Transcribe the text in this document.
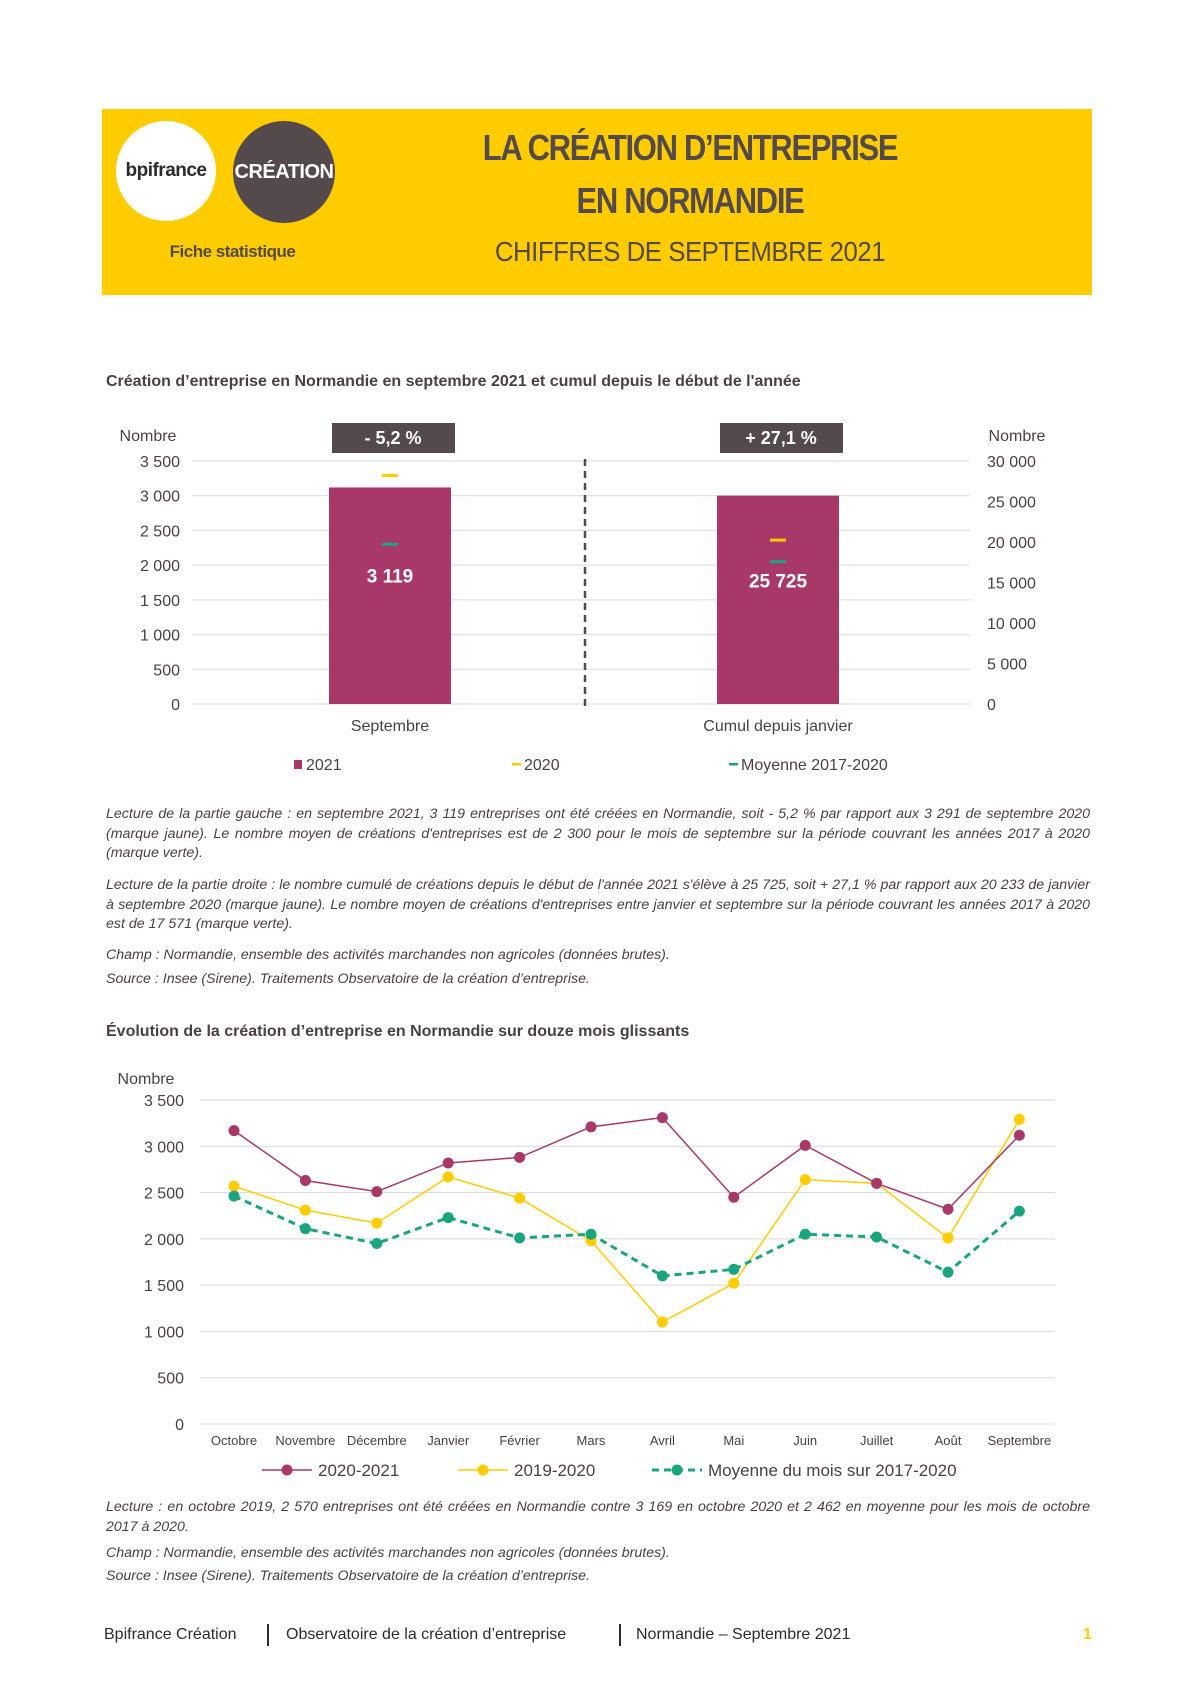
bpifrance CRÉATION
Fiche statistique
LA CRÉATION D’ENTREPRISE
EN NORMANDIE
CHIFFRES DE SEPTEMBRE 2021
Création d’entreprise en Normandie en septembre 2021 et cumul depuis le début de l'année
0
500
1 000
1 500
2 000
2 500
3 000
3 500
0
5 000
10 000
15 000
20 000
25 000
30 000
Nombre	Nombre
3 119
- 5,2 %
Septembre
25 725
+ 27,1 %
Cumul depuis janvier
2021	2020	Moyenne 2017-2020
Lecture de la partie gauche : en septembre 2021, 3 119 entreprises ont été créées en Normandie, soit - 5,2 % par rapport aux 3 291 de septembre 2020 (marque jaune). Le nombre moyen de créations d'entreprises est de 2 300 pour le mois de septembre sur la période couvrant les années 2017 à 2020 (marque verte).
Lecture de la partie droite : le nombre cumulé de créations depuis le début de l'année 2021 s'élève à 25 725, soit + 27,1 % par rapport aux 20 233 de janvier à septembre 2020 (marque jaune). Le nombre moyen de créations d'entreprises entre janvier et septembre sur la période couvrant les années 2017 à 2020 est de 17 571 (marque verte).
Champ : Normandie, ensemble des activités marchandes non agricoles (données brutes).
Source : Insee (Sirene). Traitements Observatoire de la création d’entreprise.
Évolution de la création d’entreprise en Normandie sur douze mois glissants
0
500
1 000
1 500
2 000
2 500
3 000
3 500
Nombre
Octobre Novembre Décembre Janvier Février	Mars	Avril	Mai	Juin	Juillet	Août Septembre
2020-2021	2019-2020	Moyenne du mois sur 2017-2020
Lecture : en octobre 2019, 2 570 entreprises ont été créées en Normandie contre 3 169 en octobre 2020 et 2 462 en moyenne pour les mois de octobre 2017 à 2020.
Champ : Normandie, ensemble des activités marchandes non agricoles (données brutes).
Source : Insee (Sirene). Traitements Observatoire de la création d’entreprise.
Bpifrance Création	Observatoire de la création d’entreprise	Normandie – Septembre 2021	1
